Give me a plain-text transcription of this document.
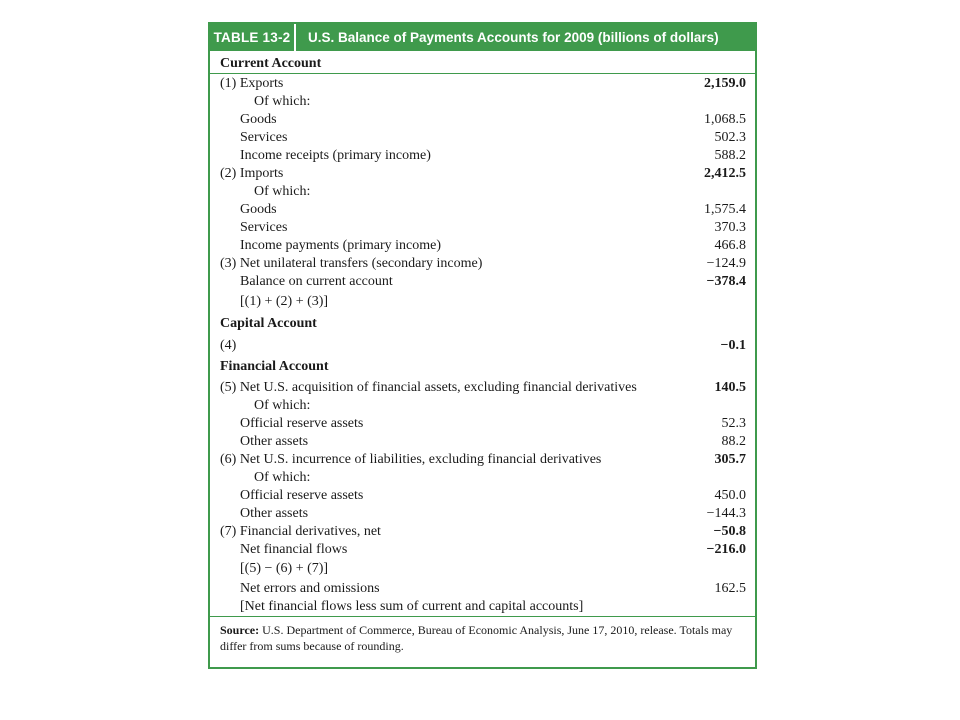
TABLE 13-2	U.S. Balance of Payments Accounts for 2009 (billions of dollars)
Current Account
(1) Exports	2,159.0
Of which:
Goods	1,068.5
Services	502.3
Income receipts (primary income)	588.2
(2) Imports	2,412.5
Of which:
Goods	1,575.4
Services	370.3
Income payments (primary income)	466.8
(3) Net unilateral transfers (secondary income)	−124.9
Balance on current account	−378.4
[(1) + (2) + (3)]
Capital Account
(4)	−0.1
Financial Account
(5) Net U.S. acquisition of financial assets, excluding financial derivatives	140.5
Of which:
Official reserve assets	52.3
Other assets	88.2
(6) Net U.S. incurrence of liabilities, excluding financial derivatives	305.7
Of which:
Official reserve assets	450.0
Other assets	−144.3
(7) Financial derivatives, net	−50.8
Net financial flows	−216.0
[(5) − (6) + (7)]
Net errors and omissions	162.5
[Net financial flows less sum of current and capital accounts]
Source: U.S. Department of Commerce, Bureau of Economic Analysis, June 17, 2010, release. Totals may differ from sums because of rounding.
